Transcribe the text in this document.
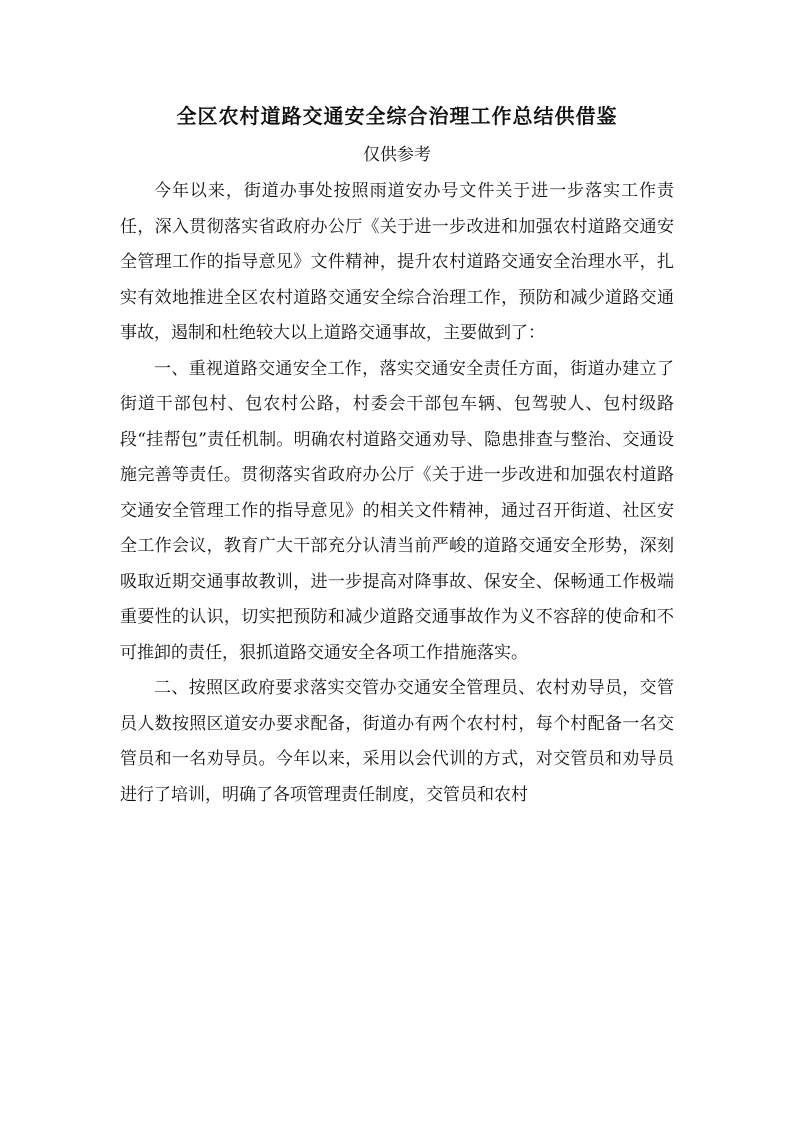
全区农村道路交通安全综合治理工作总结供借鉴
仅供参考

今年以来，街道办事处按照雨道安办号文件关于进一步落实工作责任，深入贯彻落实省政府办公厅《关于进一步改进和加强农村道路交通安全管理工作的指导意见》文件精神，提升农村道路交通安全治理水平，扎实有效地推进全区农村道路交通安全综合治理工作，预防和减少道路交通事故，遏制和杜绝较大以上道路交通事故，主要做到了：

一、重视道路交通安全工作，落实交通安全责任方面，街道办建立了街道干部包村、包农村公路，村委会干部包车辆、包驾驶人、包村级路段“挂帮包”责任机制。明确农村道路交通劝导、隐患排查与整治、交通设施完善等责任。贯彻落实省政府办公厅《关于进一步改进和加强农村道路交通安全管理工作的指导意见》的相关文件精神，通过召开街道、社区安全工作会议，教育广大干部充分认清当前严峻的道路交通安全形势，深刻吸取近期交通事故教训，进一步提高对降事故、保安全、保畅通工作极端重要性的认识，切实把预防和减少道路交通事故作为义不容辞的使命和不可推卸的责任，狠抓道路交通安全各项工作措施落实。

二、按照区政府要求落实交管办交通安全管理员、农村劝导员，交管员人数按照区道安办要求配备，街道办有两个农村村，每个村配备一名交管员和一名劝导员。今年以来，采用以会代训的方式，对交管员和劝导员进行了培训，明确了各项管理责任制度，交管员和农村
